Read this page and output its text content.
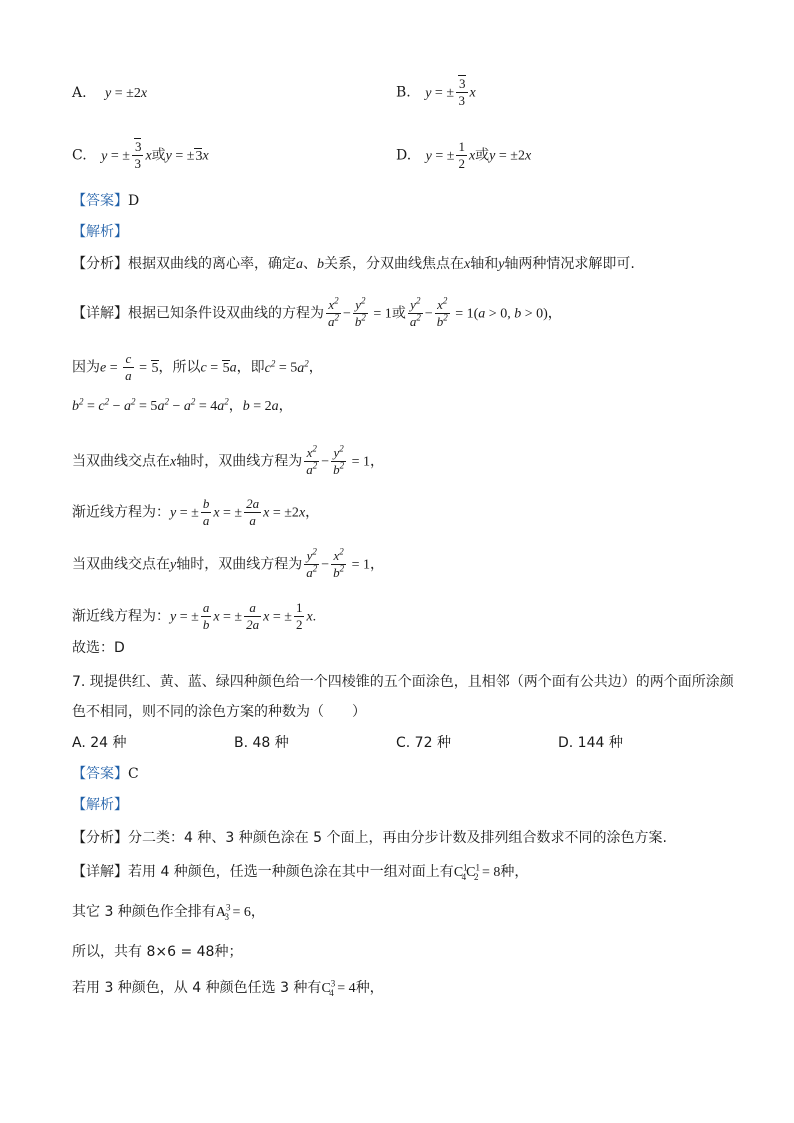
A. y = ±2x	B. y = ± $\frac{3}{3}$ x
C. y = ± $\frac{3}{3}$ x或y = ±3x	D. y = ± $\frac{1}{2}$ x或y = ±2x
【答案】D
【解析】
【分析】根据双曲线的离心率，确定a、b关系，分双曲线焦点在x轴和y轴两种情况求解即可.
【详解】根据已知条件设双曲线的方程为 $\frac{x^2}{a^2} - \frac{y^2}{b^2} = 1$或 $\frac{y^2}{a^2} - \frac{x^2}{b^2} = 1(a > 0$, b > 0)，
因为$e = \frac{c}{a} = 5$，所以c = 5a，即$c^2 = 5a^2$，
$b^2 = c^2 - a^2 = 5a^2 - a^2 = 4a^2$，b = 2a，
当双曲线交点在x轴时，双曲线方程为 $\frac{x^2}{a^2} - \frac{y^2}{b^2} = 1$，
渐近线方程为：y = ± $\frac{b}{a}$ x = ± $\frac{2a}{a}$ x = ±2x，
当双曲线交点在y轴时，双曲线方程为 $\frac{y^2}{a^2} - \frac{x^2}{b^2} = 1$，
渐近线方程为：y = ± $\frac{a}{b}$ x = ± $\frac{a}{2a}$ x = ± $\frac{1}{2} x$.
故选：D
7. 现提供红、黄、蓝、绿四种颜色给一个四棱锥的五个面涂色，且相邻（两个面有公共边）的两个面所涂颜
色不相同，则不同的涂色方案的种数为（　　）
A. 24 种	B. 48 种	C. 72 种	D. 144 种
【答案】C
【解析】
【分析】分二类：4 种、3 种颜色涂在 5 个面上，再由分步计数及排列组合数求不同的涂色方案.
【详解】若用 4 种颜色，任选一种颜色涂在其中一组对面上有$C^1_4C^1_2 = 8$种，
其它 3 种颜色作全排有$A^3_3 = 6$，
所以，共有 8×6 = 48种；
若用 3 种颜色，从 4 种颜色任选 3 种有$C^3_4 = 4$种，
